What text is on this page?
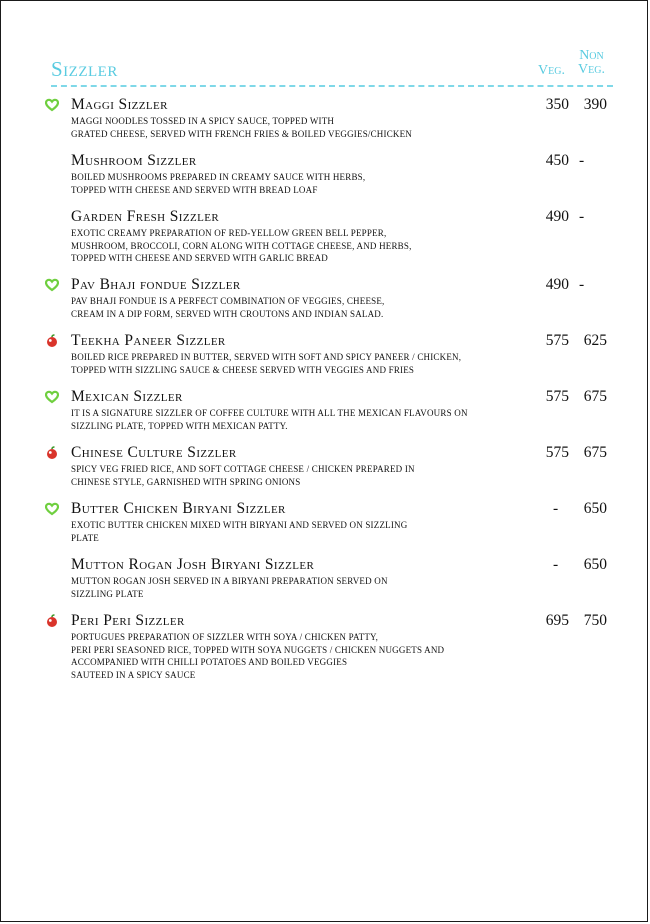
Sizzler
Non
Veg.
Veg.
Maggi Sizzler
MAGGI NOODLES TOSSED IN A SPICY SAUCE, TOPPED WITH
GRATED CHEESE, SERVED WITH FRENCH FRIES & BOILED VEGGIES/CHICKEN
350 390
Mushroom Sizzler
BOILED MUSHROOMS PREPARED IN CREAMY SAUCE WITH HERBS,
TOPPED WITH CHEESE AND SERVED WITH BREAD LOAF
450 -
Garden Fresh Sizzler
EXOTIC CREAMY PREPARATION OF RED-YELLOW GREEN BELL PEPPER,
MUSHROOM, BROCCOLI, CORN ALONG WITH COTTAGE CHEESE, AND HERBS,
TOPPED WITH CHEESE AND SERVED WITH GARLIC BREAD
490 -
Pav Bhaji fondue Sizzler
PAV BHAJI FONDUE IS A PERFECT COMBINATION OF VEGGIES, CHEESE,
CREAM IN A DIP FORM, SERVED WITH CROUTONS AND INDIAN SALAD.
490 -
Teekha Paneer Sizzler
BOILED RICE PREPARED IN BUTTER, SERVED WITH SOFT AND SPICY PANEER / CHICKEN,
TOPPED WITH SIZZLING SAUCE & CHEESE SERVED WITH VEGGIES AND FRIES
575 625
Mexican Sizzler
IT IS A SIGNATURE SIZZLER OF COFFEE CULTURE WITH ALL THE MEXICAN FLAVOURS ON
SIZZLING PLATE, TOPPED WITH MEXICAN PATTY.
575 675
Chinese Culture Sizzler
SPICY VEG FRIED RICE, AND SOFT COTTAGE CHEESE / CHICKEN PREPARED IN
CHINESE STYLE, GARNISHED WITH SPRING ONIONS
575 675
Butter Chicken Biryani Sizzler
EXOTIC BUTTER CHICKEN MIXED WITH BIRYANI AND SERVED ON SIZZLING
PLATE
-	650
Mutton Rogan Josh Biryani Sizzler
MUTTON ROGAN JOSH SERVED IN A BIRYANI PREPARATION SERVED ON
SIZZLING PLATE
-	650
Peri Peri Sizzler
PORTUGUES PREPARATION OF SIZZLER WITH SOYA / CHICKEN PATTY,
PERI PERI SEASONED RICE, TOPPED WITH SOYA NUGGETS / CHICKEN NUGGETS AND
ACCOMPANIED WITH CHILLI POTATOES AND BOILED VEGGIES
SAUTEED IN A SPICY SAUCE
695 750
